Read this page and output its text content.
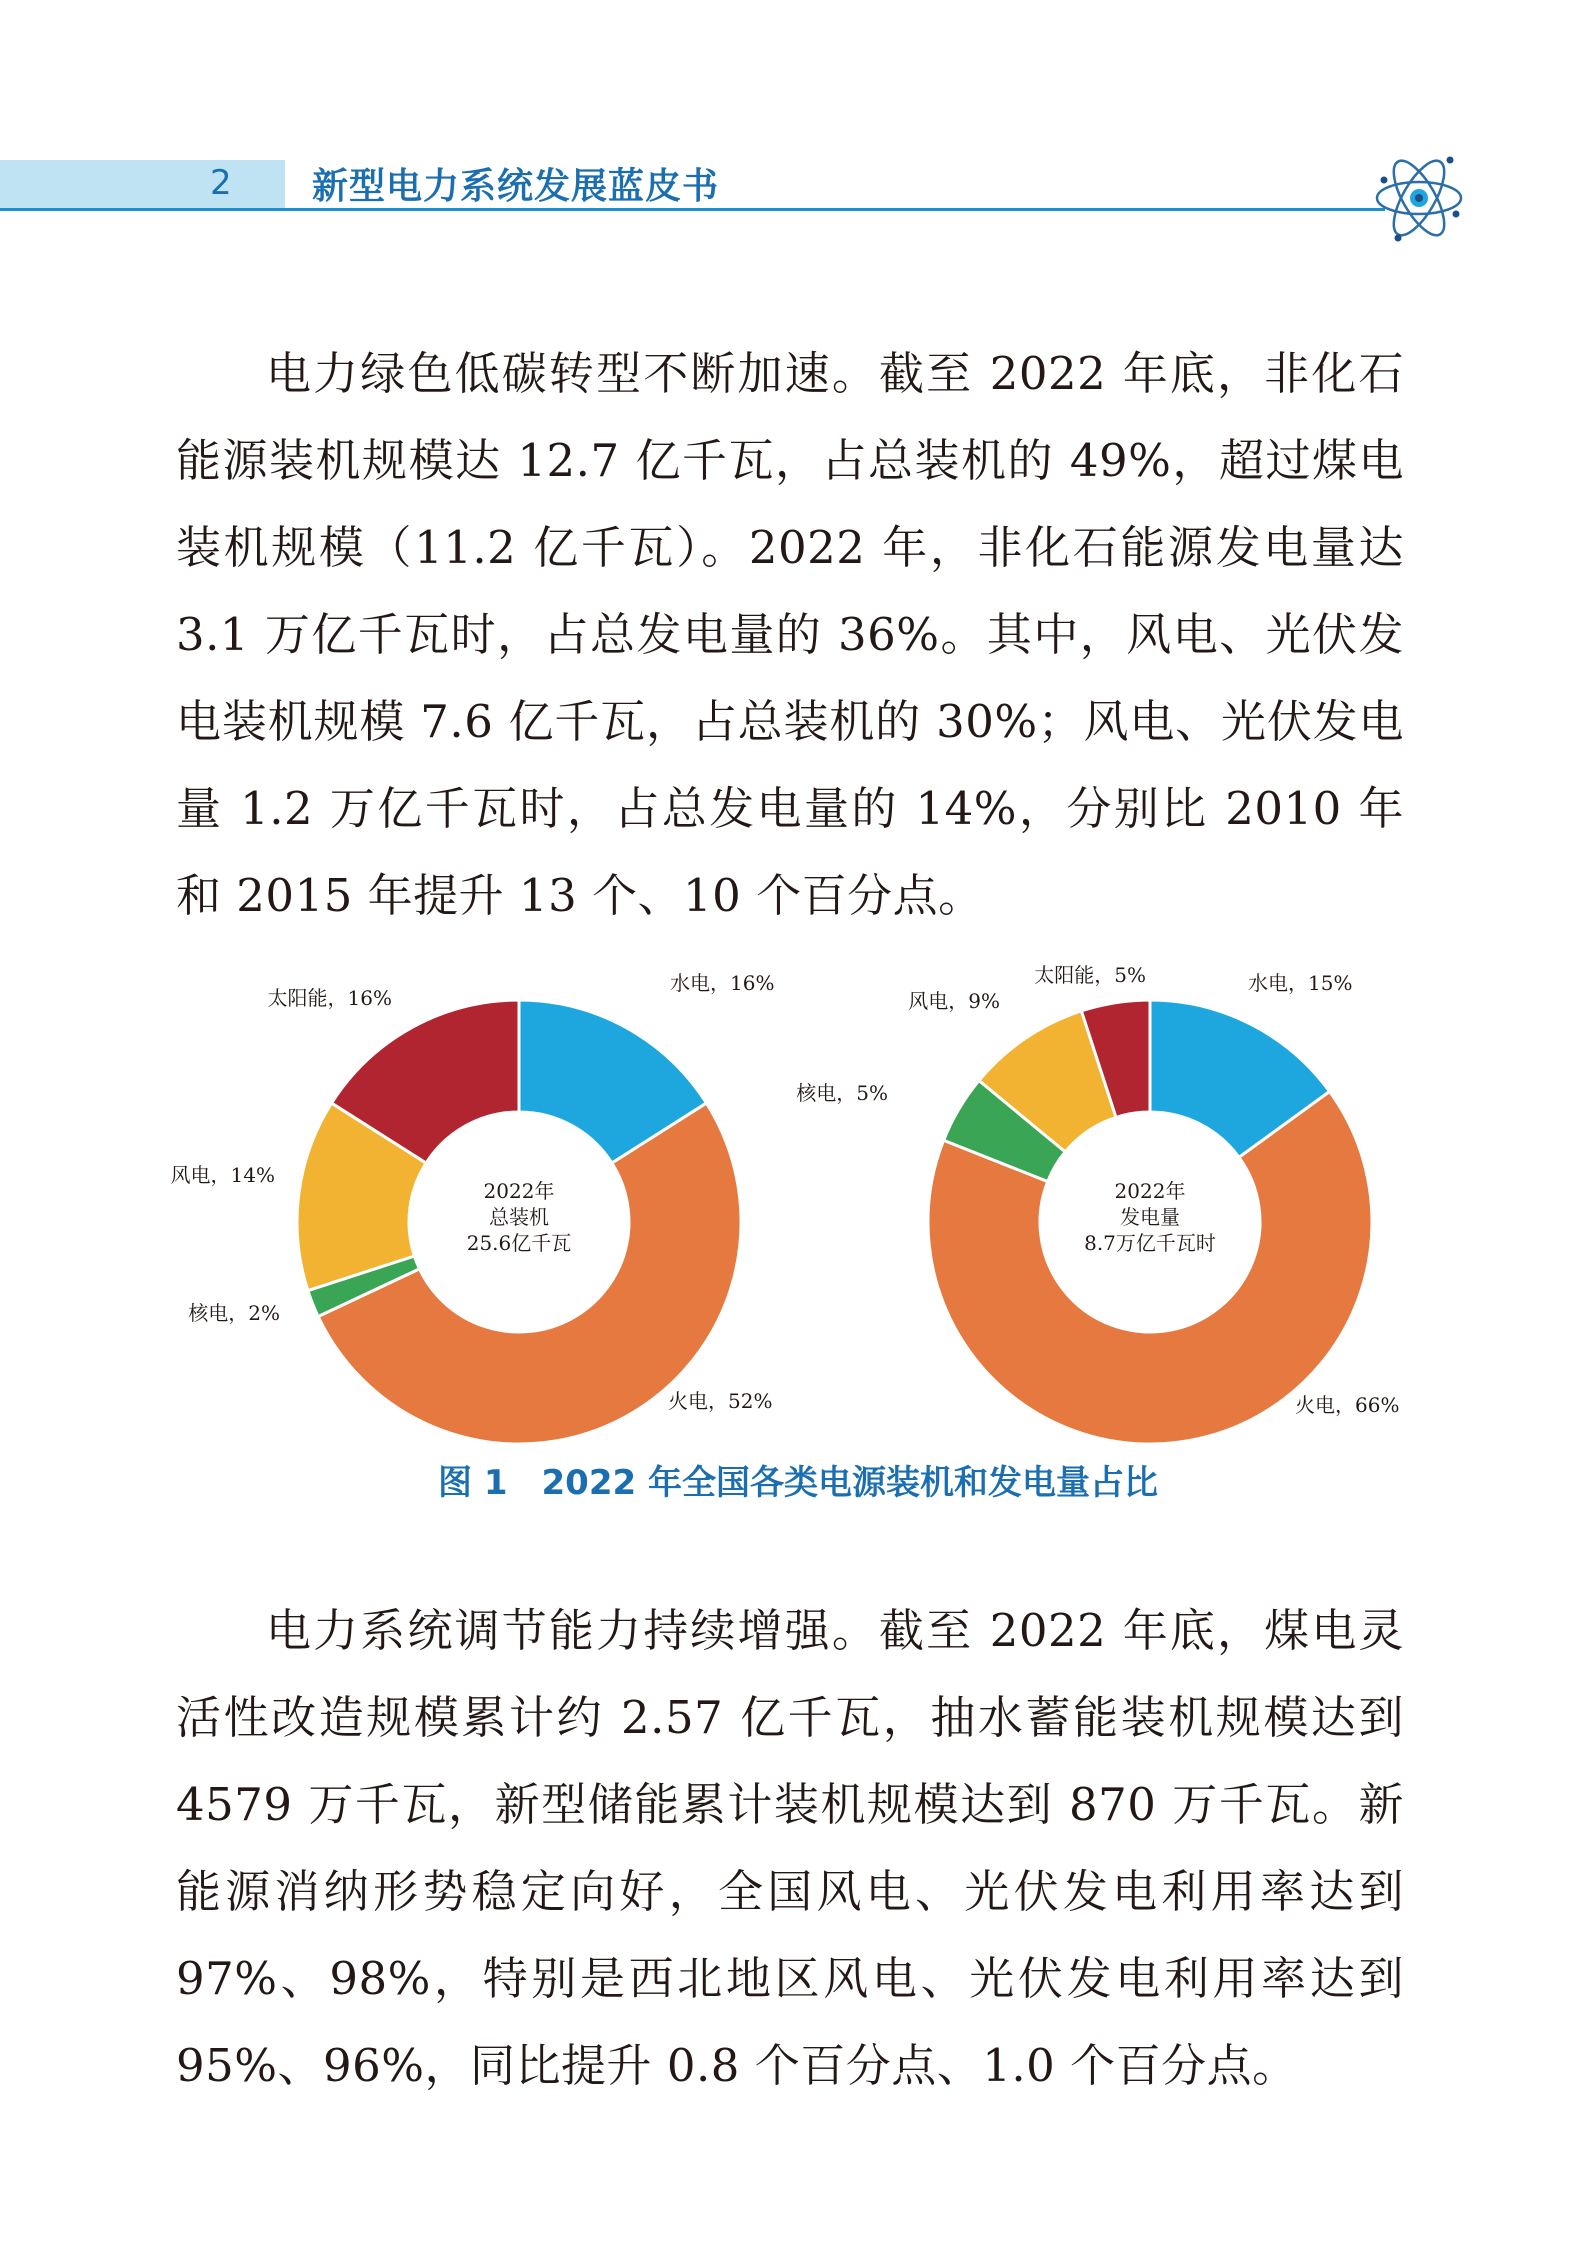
2 新型电力系统发展蓝皮书

电力绿色低碳转型不断加速。截至 2022 年底，非化石能源装机规模达 12.7 亿千瓦，占总装机的 49%，超过煤电装机规模（11.2 亿千瓦）。2022 年，非化石能源发电量达 3.1 万亿千瓦时，占总发电量的 36%。其中，风电、光伏发电装机规模 7.6 亿千瓦，占总装机的 30%；风电、光伏发电量 1.2 万亿千瓦时，占总发电量的 14%，分别比 2010 年和 2015 年提升 13 个、10 个百分点。

水电，16%
火电，52%
核电，2%
风电，14%
太阳能，16%
2022年
总装机
25.6亿千瓦
水电，15%
火电，66%
核电，5%
风电，9%
太阳能，5%
2022年
发电量
8.7万亿千瓦时
图 1　2022 年全国各类电源装机和发电量占比

电力系统调节能力持续增强。截至 2022 年底，煤电灵活性改造规模累计约 2.57 亿千瓦，抽水蓄能装机规模达到 4579 万千瓦，新型储能累计装机规模达到 870 万千瓦。新能源消纳形势稳定向好，全国风电、光伏发电利用率达到 97%、98%，特别是西北地区风电、光伏发电利用率达到 95%、96%，同比提升 0.8 个百分点、1.0 个百分点。
